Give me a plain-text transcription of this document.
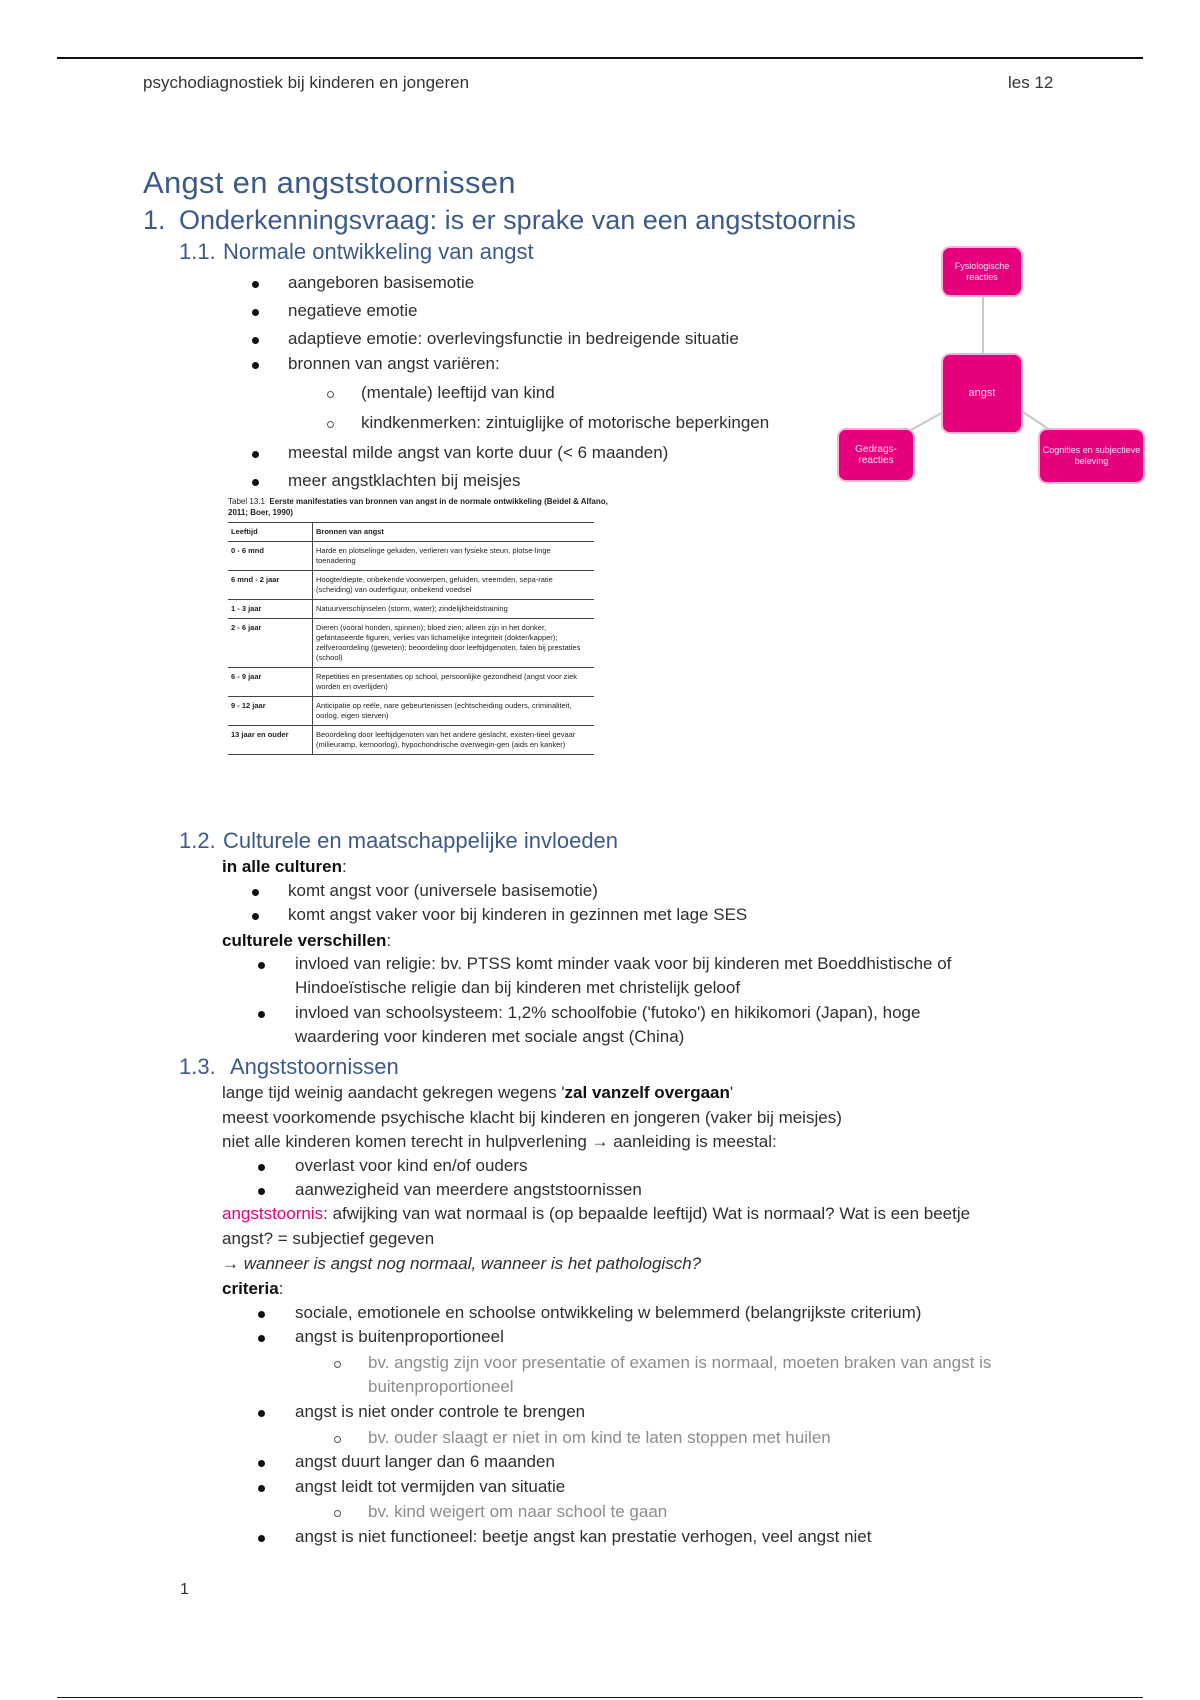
psychodiagnostiek bij kinderen en jongeren	les 12
Angst en angststoornissen
1. Onderkenningsvraag: is er sprake van een angststoornis
1.1. Normale ontwikkeling van angst
aangeboren basisemotie
negatieve emotie
adaptieve emotie: overlevingsfunctie in bedreigende situatie
bronnen van angst variëren:
(mentale) leeftijd van kind
kindkenmerken: zintuiglijke of motorische beperkingen
meestal milde angst van korte duur (< 6 maanden)
meer angstklachten bij meisjes
Tabel 13.1 Eerste manifestaties van bronnen van angst in de normale ontwikkeling (Beidel & Alfano, 2011; Boer, 1990)
Leeftijd	Bronnen van angst
0 - 6 mnd	Harde en plotselinge geluiden, verlieren van fysieke steun, plotse-linge toenadering
6 mnd - 2 jaar	Hoogte/diepte, onbekende voorwerpen, geluiden, vreemden, sepa-ratie (scheiding) van ouderfiguur, onbekend voedsel
1 - 3 jaar	Natuurverschijnselen (storm, water); zindelijkheidstraining
2 - 6 jaar	Dieren (vooral honden, spinnen); bloed zien; alleen zijn in het donker, gefantaseerde figuren, verlies van lichamelijke integriteit (dokter/kapper); zelfveroordeling (geweten); beoordeling door leeftijdgenoten, falen bij prestaties (school)
6 - 9 jaar	Repetities en presentaties op school, persoonlijke gezondheid (angst voor ziek worden en overlijden)
9 - 12 jaar	Anticipatie op reële, nare gebeurtenissen (echtscheiding ouders, criminaliteit, oorlog, eigen sterven)
13 jaar en ouder	Beoordeling door leeftijdgenoten van het andere geslacht, existen-tieel gevaar (milieuramp, kernoorlog), hypochondrische overwegin-gen (aids en kanker)
Fysiologische reacties
angst
Gedrags-reacties
Cognities en subjectieve beleving
1.2. Culturele en maatschappelijke invloeden
in alle culturen:
komt angst voor (universele basisemotie)
komt angst vaker voor bij kinderen in gezinnen met lage SES
culturele verschillen:
invloed van religie: bv. PTSS komt minder vaak voor bij kinderen met Boeddhistische of
Hindoeïstische religie dan bij kinderen met christelijk geloof
invloed van schoolsysteem: 1,2% schoolfobie ('futoko') en hikikomori (Japan), hoge
waardering voor kinderen met sociale angst (China)
1.3. Angststoornissen
lange tijd weinig aandacht gekregen wegens 'zal vanzelf overgaan'
meest voorkomende psychische klacht bij kinderen en jongeren (vaker bij meisjes)
niet alle kinderen komen terecht in hulpverlening → aanleiding is meestal:
overlast voor kind en/of ouders
aanwezigheid van meerdere angststoornissen
angststoornis: afwijking van wat normaal is (op bepaalde leeftijd) Wat is normaal? Wat is een beetje
angst? = subjectief gegeven
→ wanneer is angst nog normaal, wanneer is het pathologisch?
criteria:
sociale, emotionele en schoolse ontwikkeling w belemmerd (belangrijkste criterium)
angst is buitenproportioneel
bv. angstig zijn voor presentatie of examen is normaal, moeten braken van angst is
buitenproportioneel
angst is niet onder controle te brengen
bv. ouder slaagt er niet in om kind te laten stoppen met huilen
angst duurt langer dan 6 maanden
angst leidt tot vermijden van situatie
bv. kind weigert om naar school te gaan
angst is niet functioneel: beetje angst kan prestatie verhogen, veel angst niet
1
